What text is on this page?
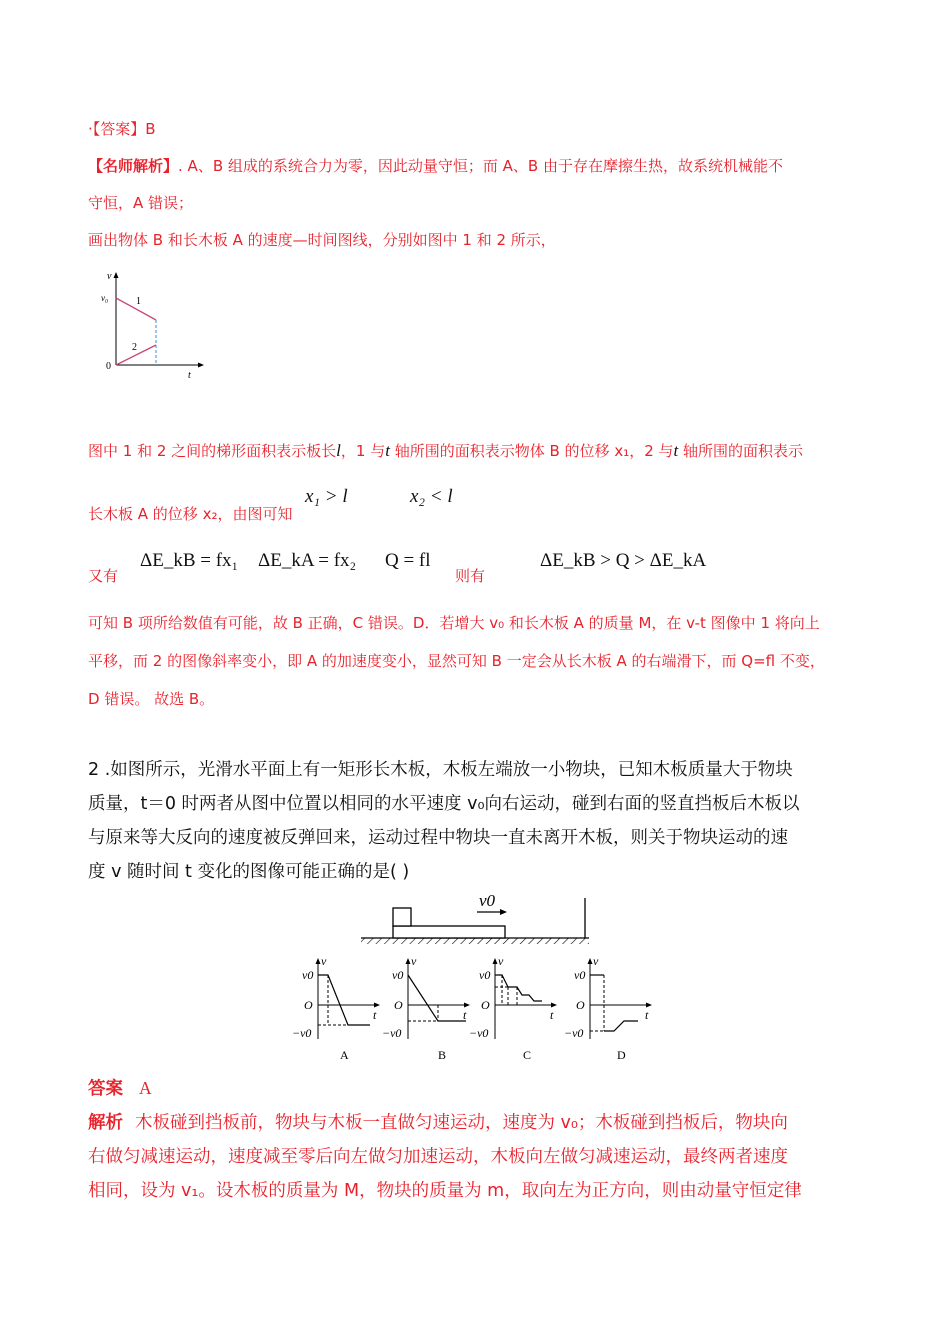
·【答案】B
【名师解析】. A、B 组成的系统合力为零，因此动量守恒；而 A、B 由于存在摩擦生热，故系统机械能不
守恒，A 错误；
画出物体 B 和长木板 A 的速度—时间图线，分别如图中 1 和 2 所示，
v
v₀
0
t
1
2
图中 1 和 2 之间的梯形面积表示板长l，1 与t 轴所围的面积表示物体 B 的位移 x₁，2 与t 轴所围的面积表示
长木板 A 的位移 x₂，由图可知
x₁ > l	x₂ < l
又有
ΔE_kB = fx₁ ΔE_kA = fx₂ Q = fl
则有
ΔE_kB > Q > ΔE_kA
可知 B 项所给数值有可能，故 B 正确，C 错误。D．若增大 v₀ 和长木板 A 的质量 M，在 v-t 图像中 1 将向上
平移，而 2 的图像斜率变小，即 A 的加速度变小，显然可知 B 一定会从长木板 A 的右端滑下，而 Q=fl 不变，
D 错误。 故选 B。
2 .如图所示，光滑水平面上有一矩形长木板，木板左端放一小物块，已知木板质量大于物块
质量，t＝0 时两者从图中位置以相同的水平速度 v₀向右运动，碰到右面的竖直挡板后木板以
与原来等大反向的速度被反弹回来，运动过程中物块一直未离开木板，则关于物块运动的速
度 v 随时间 t 变化的图像可能正确的是( )
v0
v
v0
O
−v0
t
A
v
v0
O
−v0
t
B
v
v0
O
−v0
t
C
v
v0
O
−v0
t
D
答案 A
解析 木板碰到挡板前，物块与木板一直做匀速运动，速度为 v₀；木板碰到挡板后，物块向
右做匀减速运动，速度减至零后向左做匀加速运动，木板向左做匀减速运动，最终两者速度
相同，设为 v₁。设木板的质量为 M，物块的质量为 m，取向左为正方向，则由动量守恒定律
